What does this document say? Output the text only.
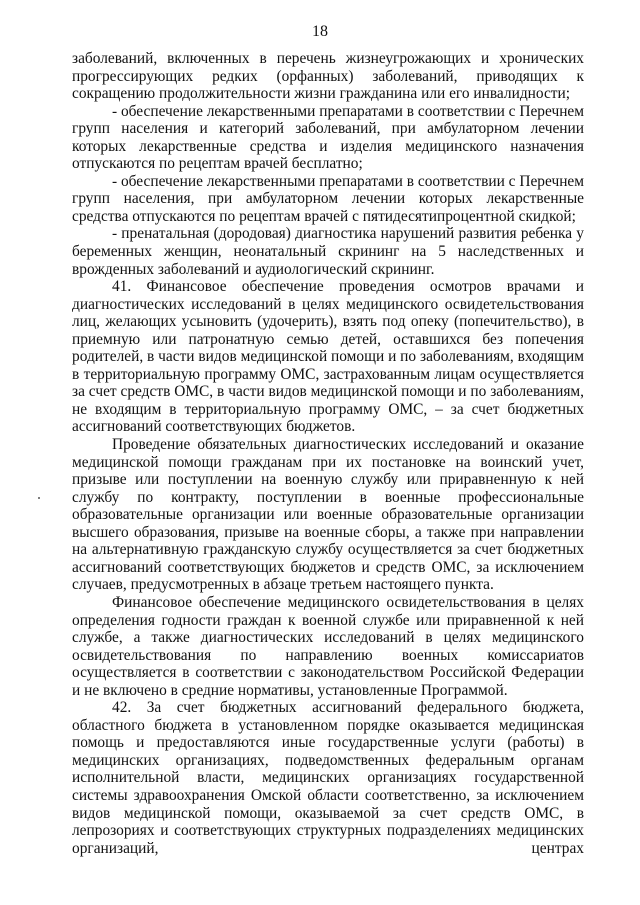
18

заболеваний, включенных в перечень жизнеугрожающих и хронических прогрессирующих редких (орфанных) заболеваний, приводящих к сокращению продолжительности жизни гражданина или его инвалидности;

- обеспечение лекарственными препаратами в соответствии с Перечнем групп населения и категорий заболеваний, при амбулаторном лечении которых лекарственные средства и изделия медицинского назначения отпускаются по рецептам врачей бесплатно;

- обеспечение лекарственными препаратами в соответствии с Перечнем групп населения, при амбулаторном лечении которых лекарственные средства отпускаются по рецептам врачей с пятидесятипроцентной скидкой;

- пренатальная (дородовая) диагностика нарушений развития ребенка у беременных женщин, неонатальный скрининг на 5 наследственных и врожденных заболеваний и аудиологический скрининг.

41. Финансовое обеспечение проведения осмотров врачами и диагностических исследований в целях медицинского освидетельствования лиц, желающих усыновить (удочерить), взять под опеку (попечительство), в приемную или патронатную семью детей, оставшихся без попечения родителей, в части видов медицинской помощи и по заболеваниям, входящим в территориальную программу ОМС, застрахованным лицам осуществляется за счет средств ОМС, в части видов медицинской помощи и по заболеваниям, не входящим в территориальную программу ОМС, – за счет бюджетных ассигнований соответствующих бюджетов.

Проведение обязательных диагностических исследований и оказание медицинской помощи гражданам при их постановке на воинский учет, призыве или поступлении на военную службу или приравненную к ней службу по контракту, поступлении в военные профессиональные образовательные организации или военные образовательные организации высшего образования, призыве на военные сборы, а также при направлении на альтернативную гражданскую службу осуществляется за счет бюджетных ассигнований соответствующих бюджетов и средств ОМС, за исключением случаев, предусмотренных в абзаце третьем настоящего пункта.

Финансовое обеспечение медицинского освидетельствования в целях определения годности граждан к военной службе или приравненной к ней службе, а также диагностических исследований в целях медицинского освидетельствования по направлению военных комиссариатов осуществляется в соответствии с законодательством Российской Федерации и не включено в средние нормативы, установленные Программой.

42. За счет бюджетных ассигнований федерального бюджета, областного бюджета в установленном порядке оказывается медицинская помощь и предоставляются иные государственные услуги (работы) в медицинских организациях, подведомственных федеральным органам исполнительной власти, медицинских организациях государственной системы здравоохранения Омской области соответственно, за исключением видов медицинской помощи, оказываемой за счет средств ОМС, в лепрозориях и соответствующих структурных подразделениях медицинских организаций, центрах
